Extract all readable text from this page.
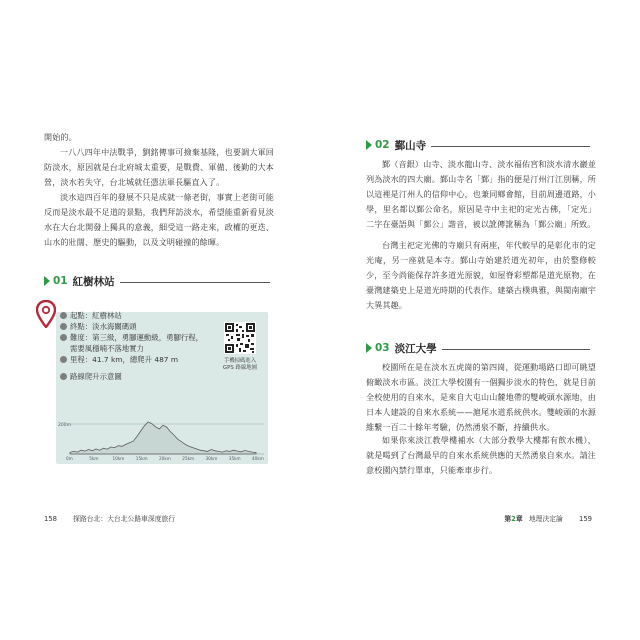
開始的。

一八八四年中法戰爭，劉銘傳事可撿棄基隆，也要調大軍回防淡水，原因就是台北府城太重要，是戰費、軍備、後勤的大本營，淡水若失守，台北城就任憑法軍長驅直入了。

淡水這四百年的發展不只是成就一條老街，事實上老街可能反而是淡水最不足道的景點，我們拜訪淡水，希望能重新看見淡水在大台北開發上獨具的意義，細受這一路走來，政權的更迭、山水的壯闊、歷史的驅動，以及文明碰撞的餘暉。

01 紅樹林站
起點：紅樹林站
終點：淡水海關碼頭
難度：第三級，勇腳運動級，勇腳行程，
需要風穩喃不落地實力
里程：41.7 km，總爬升 487 m
路線爬升示意圖
手機掃碼進入
GPS 路線地圖
200m
0m	5km	10km	15km	20km	25km	30km	35km	40km
158 探路台北：大台北公路車深度旅行
02 鄞山寺

鄞（音銀）山寺、淡水龍山寺、淡水福佑宮和淡水清水巖並列為淡水的四大廟。鄞山寺名「鄞」指的便是汀州汀江別稱，所以這裡是汀州人的信仰中心，也兼同鄉會館，目前周邊道路，小學，里名都以鄞公命名，原因是寺中主祀的定光古佛，「定光」二字在臺語與「鄞公」諧音，被以訛傳訛稱為「鄞公廟」所致。

台灣主祀定光佛的寺廟只有兩座，年代較早的是彰化市的定光庵，另一座就是本寺。鄞山寺始建於道光初年，由於整修較少，至今尚能保存許多道光原貌，如屋脊彩塑都是道光原物，在臺灣建築史上是道光時期的代表作。建築古樸典雅，與閩南廟宇大異其趣。

03 淡江大學

校園所在是在淡水五虎崗的第四崗，從運動場路口即可眺望俯瞰淡水市區。淡江大學校園有一個獨步淡水的特色，就是目前全校使用的自來水，是來自大屯山山麓地帶的雙峻頭水源地，由日本人建設的自來水系統——滬尾水道系統供水。雙峻頭的水源維繫一百二十餘年考驗，仍然湧泉不斷，持續供水。

如果你來淡江教學樓補水（大部分教學大樓都有飲水機），就是喝到了台灣最早的自來水系統供應的天然湧泉自來水。請注意校園內禁行單車，只能牽車步行。

第2章 地理決定論 159
